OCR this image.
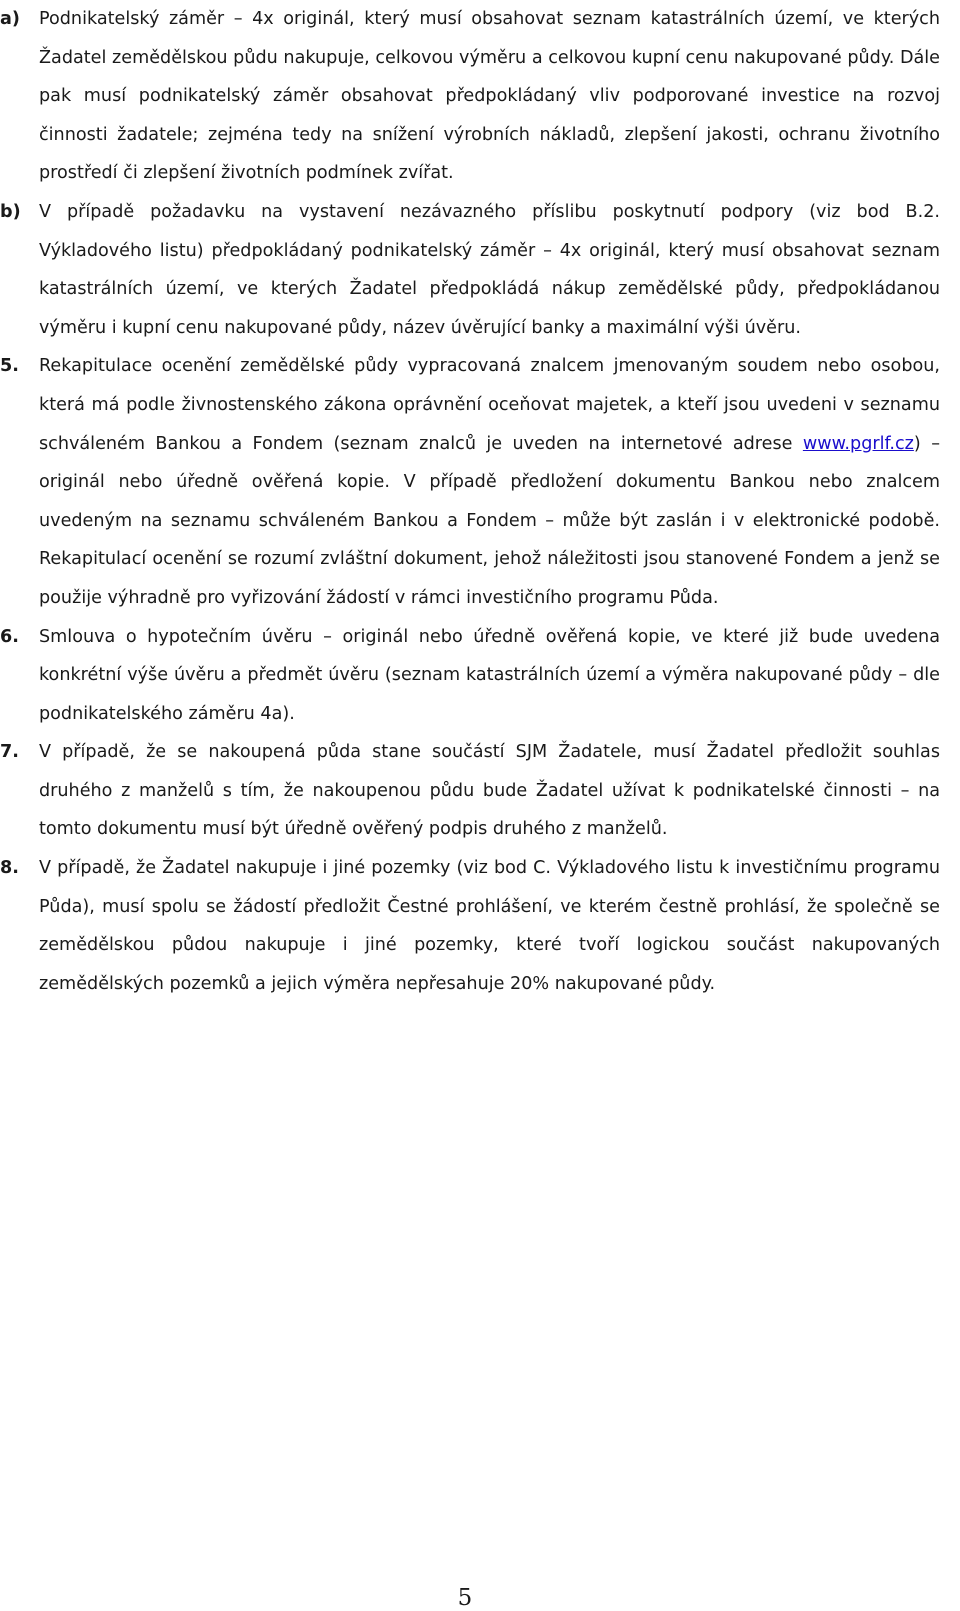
a) Podnikatelský záměr – 4x originál, který musí obsahovat seznam katastrálních území, ve kterých Žadatel zemědělskou půdu nakupuje, celkovou výměru a celkovou kupní cenu nakupované půdy. Dále pak musí podnikatelský záměr obsahovat předpokládaný vliv podporované investice na rozvoj činnosti žadatele; zejména tedy na snížení výrobních nákladů, zlepšení jakosti, ochranu životního prostředí či zlepšení životních podmínek zvířat.
b) V případě požadavku na vystavení nezávazného příslibu poskytnutí podpory (viz bod B.2. Výkladového listu) předpokládaný podnikatelský záměr – 4x originál, který musí obsahovat seznam katastrálních území, ve kterých Žadatel předpokládá nákup zemědělské půdy, předpokládanou výměru i kupní cenu nakupované půdy, název úvěrující banky a maximální výši úvěru.
5. Rekapitulace ocenění zemědělské půdy vypracovaná znalcem jmenovaným soudem nebo osobou, která má podle živnostenského zákona oprávnění oceňovat majetek, a kteří jsou uvedeni v seznamu schváleném Bankou a Fondem (seznam znalců je uveden na internetové adrese www.pgrlf.cz) – originál nebo úředně ověřená kopie. V případě předložení dokumentu Bankou nebo znalcem uvedeným na seznamu schváleném Bankou a Fondem – může být zaslán i v elektronické podobě. Rekapitulací ocenění se rozumí zvláštní dokument, jehož náležitosti jsou stanovené Fondem a jenž se použije výhradně pro vyřizování žádostí v rámci investičního programu Půda.
6. Smlouva o hypotečním úvěru – originál nebo úředně ověřená kopie, ve které již bude uvedena konkrétní výše úvěru a předmět úvěru (seznam katastrálních území a výměra nakupované půdy – dle podnikatelského záměru 4a).
7. V případě, že se nakoupená půda stane součástí SJM Žadatele, musí Žadatel předložit souhlas druhého z manželů s tím, že nakoupenou půdu bude Žadatel užívat k podnikatelské činnosti – na tomto dokumentu musí být úředně ověřený podpis druhého z manželů.
8. V případě, že Žadatel nakupuje i jiné pozemky (viz bod C. Výkladového listu k investičnímu programu Půda), musí spolu se žádostí předložit Čestné prohlášení, ve kterém čestně prohlásí, že společně se zemědělskou půdou nakupuje i jiné pozemky, které tvoří logickou součást nakupovaných zemědělských pozemků a jejich výměra nepřesahuje 20% nakupované půdy.
5
